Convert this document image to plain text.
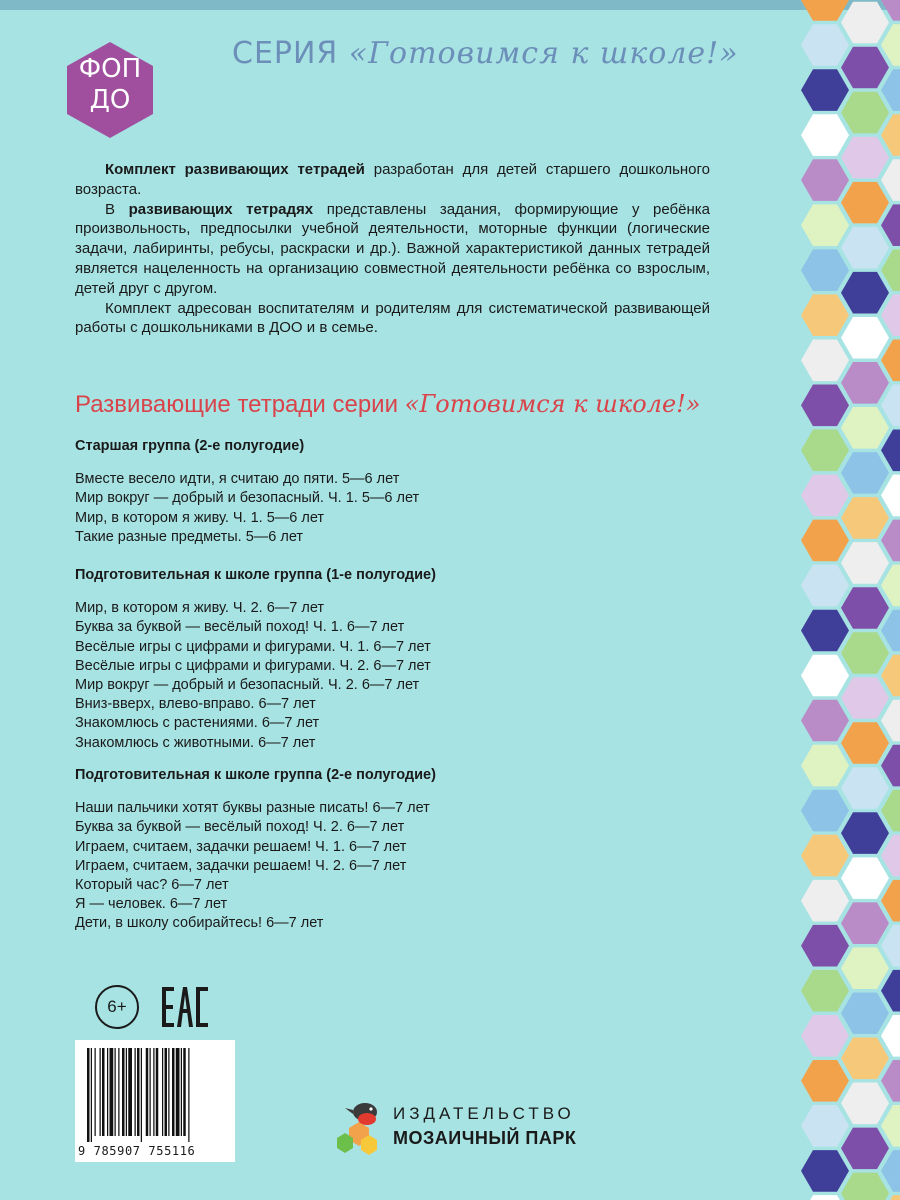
ФОП
ДО
СЕРИЯ «Готовимся к школе!»

Комплект развивающих тетрадей разработан для детей старшего дошкольного возраста.

В развивающих тетрадях представлены задания, формирующие у ребёнка произвольность, предпосылки учебной деятельности, моторные функции (логические задачи, лабиринты, ребусы, раскраски и др.). Важной характеристикой данных тетрадей является нацеленность на организацию совместной деятельности ребёнка со взрослым, детей друг с другом.

Комплект адресован воспитателям и родителям для систематической развивающей работы с дошкольниками в ДОО и в семье.

Развивающие тетради серии «Готовимся к школе!»
Старшая группа (2-е полугодие)
Вместе весело идти, я считаю до пяти. 5—6 лет
Мир вокруг — добрый и безопасный. Ч. 1. 5—6 лет
Мир, в котором я живу. Ч. 1. 5—6 лет
Такие разные предметы. 5—6 лет
Подготовительная к школе группа (1-е полугодие)
Мир, в котором я живу. Ч. 2. 6—7 лет
Буква за буквой — весёлый поход! Ч. 1. 6—7 лет
Весёлые игры с цифрами и фигурами. Ч. 1. 6—7 лет
Весёлые игры с цифрами и фигурами. Ч. 2. 6—7 лет
Мир вокруг — добрый и безопасный. Ч. 2. 6—7 лет
Вниз-вверх, влево-вправо. 6—7 лет
Знакомлюсь с растениями. 6—7 лет
Знакомлюсь с животными. 6—7 лет
Подготовительная к школе группа (2-е полугодие)
Наши пальчики хотят буквы разные писать! 6—7 лет
Буква за буквой — весёлый поход! Ч. 2. 6—7 лет
Играем, считаем, задачки решаем! Ч. 1. 6—7 лет
Играем, считаем, задачки решаем! Ч. 2. 6—7 лет
Который час? 6—7 лет
Я — человек. 6—7 лет
Дети, в школу собирайтесь! 6—7 лет
6+
9 785907 755116
ИЗДАТЕЛЬСТВО
МОЗАИЧНЫЙ ПАРК
